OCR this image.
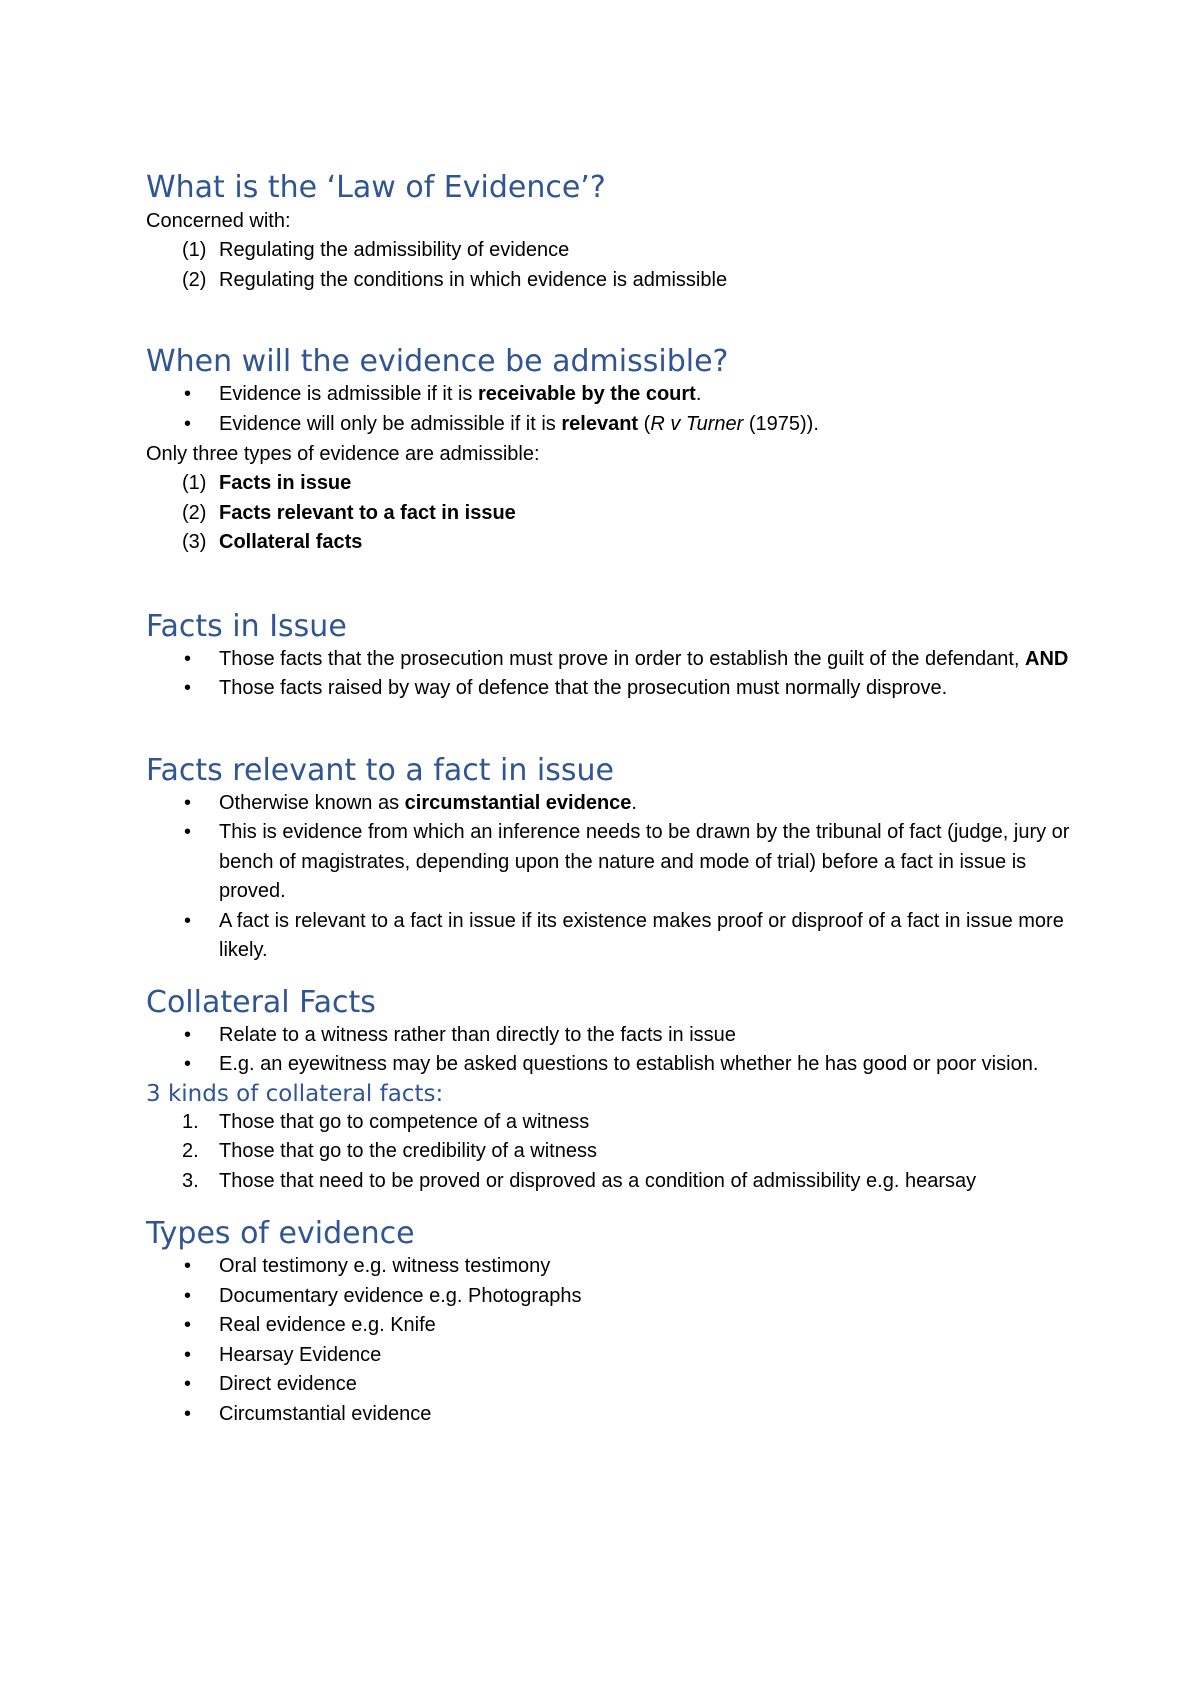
What is the ‘Law of Evidence’?

Concerned with:

(1) Regulating the admissibility of evidence
(2) Regulating the conditions in which evidence is admissible
When will the evidence be admissible?
• Evidence is admissible if it is receivable by the court.
• Evidence will only be admissible if it is relevant (R v Turner (1975)).

Only three types of evidence are admissible:

(1) Facts in issue
(2) Facts relevant to a fact in issue
(3) Collateral facts
Facts in Issue
• Those facts that the prosecution must prove in order to establish the guilt of the defendant, AND
• Those facts raised by way of defence that the prosecution must normally disprove.
Facts relevant to a fact in issue
• Otherwise known as circumstantial evidence.
• This is evidence from which an inference needs to be drawn by the tribunal of fact (judge, jury or bench of magistrates, depending upon the nature and mode of trial) before a fact in issue is proved.
• A fact is relevant to a fact in issue if its existence makes proof or disproof of a fact in issue more likely.
Collateral Facts
• Relate to a witness rather than directly to the facts in issue
• E.g. an eyewitness may be asked questions to establish whether he has good or poor vision.
3 kinds of collateral facts:
1. Those that go to competence of a witness
2. Those that go to the credibility of a witness
3. Those that need to be proved or disproved as a condition of admissibility e.g. hearsay
Types of evidence
• Oral testimony e.g. witness testimony
• Documentary evidence e.g. Photographs
• Real evidence e.g. Knife
• Hearsay Evidence
• Direct evidence
• Circumstantial evidence
